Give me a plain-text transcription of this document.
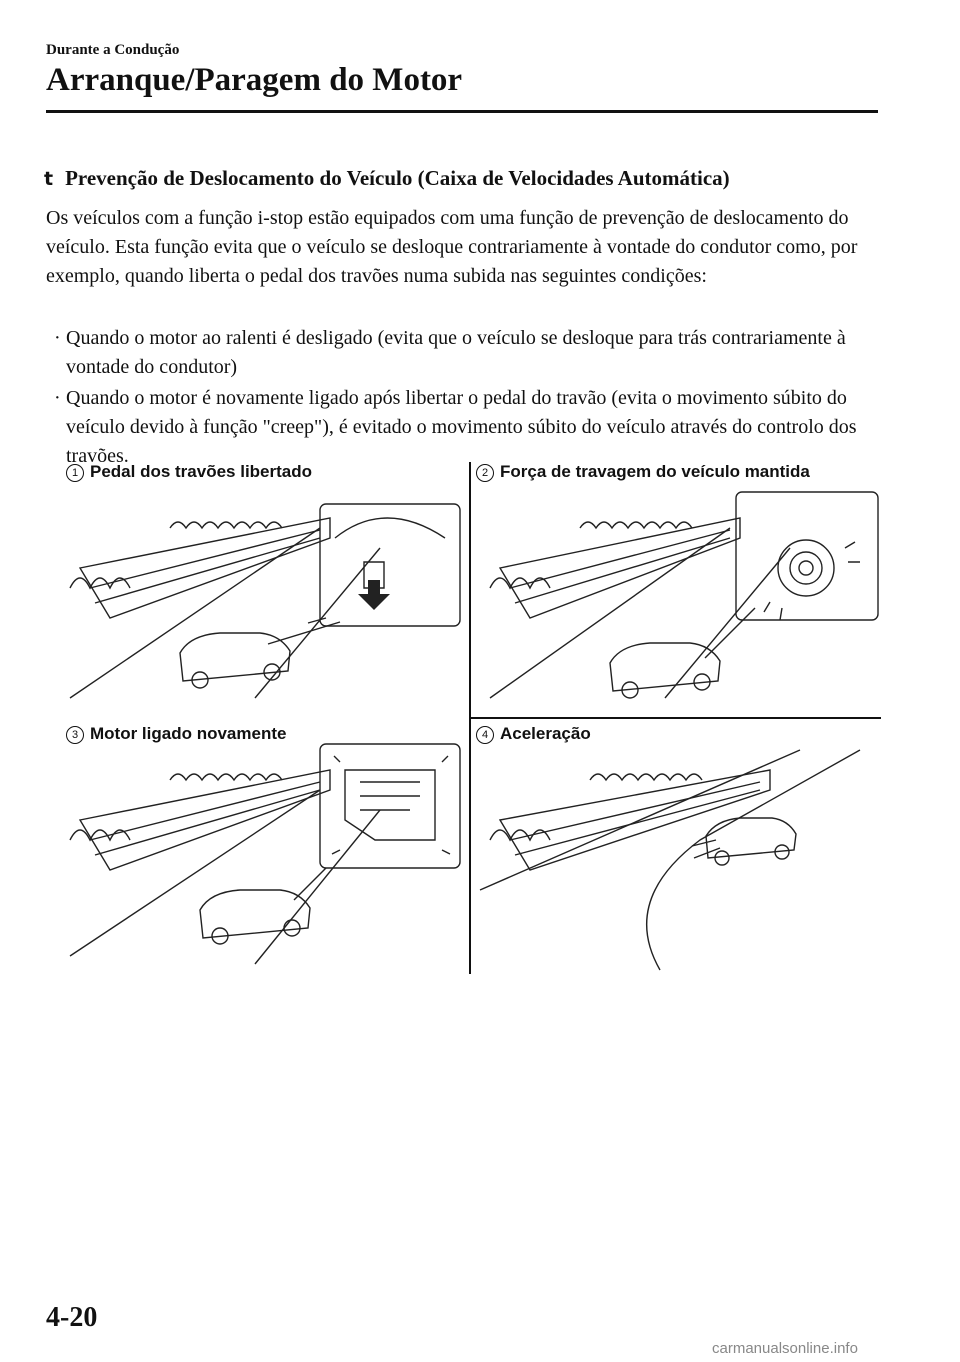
Durante a Condução
Arranque/Paragem do Motor
t Prevenção de Deslocamento do Veículo (Caixa de Velocidades Automática)

Os veículos com a função i-stop estão equipados com uma função de prevenção de deslocamento do veículo. Esta função evita que o veículo se desloque contrariamente à vontade do condutor como, por exemplo, quando liberta o pedal dos travões numa subida nas seguintes condições:

· Quando o motor ao ralenti é desligado (evita que o veículo se desloque para trás contrariamente à vontade do condutor)
· Quando o motor é novamente ligado após libertar o pedal do travão (evita o movimento súbito do veículo devido à função "creep"), é evitado o movimento súbito do veículo através do controlo dos travões.
1 Pedal dos travões libertado	2 Força de travagem do veículo mantida
3 Motor ligado novamente	4 Aceleração
4-20
carmanualsonline.info
